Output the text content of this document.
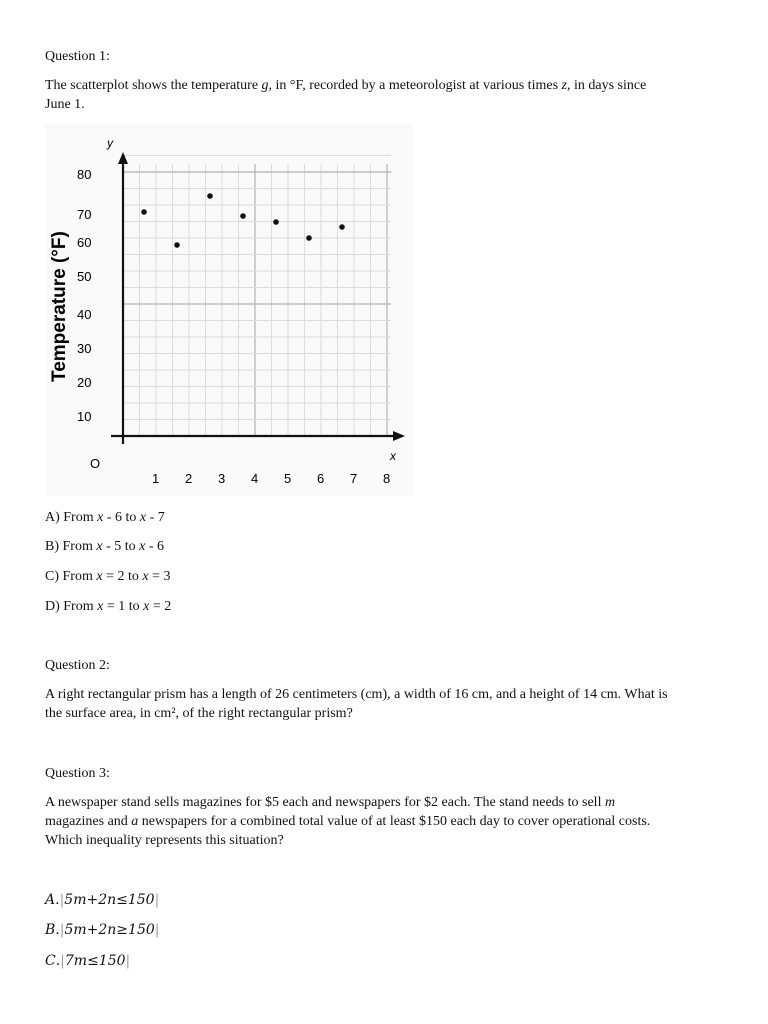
Question 1:

The scatterplot shows the temperature g, in °F, recorded by a meteorologist at various times z, in days since
June 1.

1 2 3 4 5 6 7 8
10
20
30
40
50
60
70
80
y
x
Temperature (°F)
O

A) From x - 6 to x - 7

B) From x - 5 to x - 6

C) From x = 2 to x = 3

D) From x = 1 to x = 2

Question 2:

A right rectangular prism has a length of 26 centimeters (cm), a width of 16 cm, and a height of 14 cm. What is
the surface area, in cm², of the right rectangular prism?

Question 3:

A newspaper stand sells magazines for $5 each and newspapers for $2 each. The stand needs to sell m
magazines and a newspapers for a combined total value of at least $150 each day to cover operational costs.
Which inequality represents this situation?

A.|5m+2n≤150|

B.|5m+2n≥150|

C.|7m≤150|
